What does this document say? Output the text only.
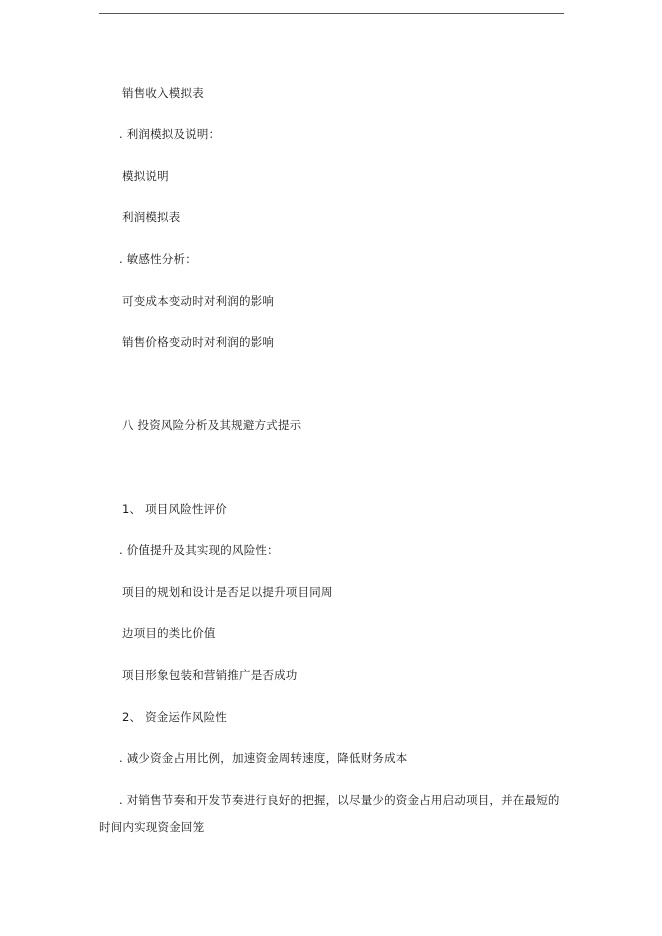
销售收入模拟表
. 利润模拟及说明：
模拟说明
利润模拟表
. 敏感性分析：
可变成本变动时对利润的影响
销售价格变动时对利润的影响
八 投资风险分析及其规避方式提示
1、 项目风险性评价
. 价值提升及其实现的风险性：
项目的规划和设计是否足以提升项目同周
边项目的类比价值
项目形象包装和营销推广是否成功
2、 资金运作风险性
. 减少资金占用比例，加速资金周转速度，降低财务成本
. 对销售节奏和开发节奏进行良好的把握，以尽量少的资金占用启动项目，并在最短的
时间内实现资金回笼
